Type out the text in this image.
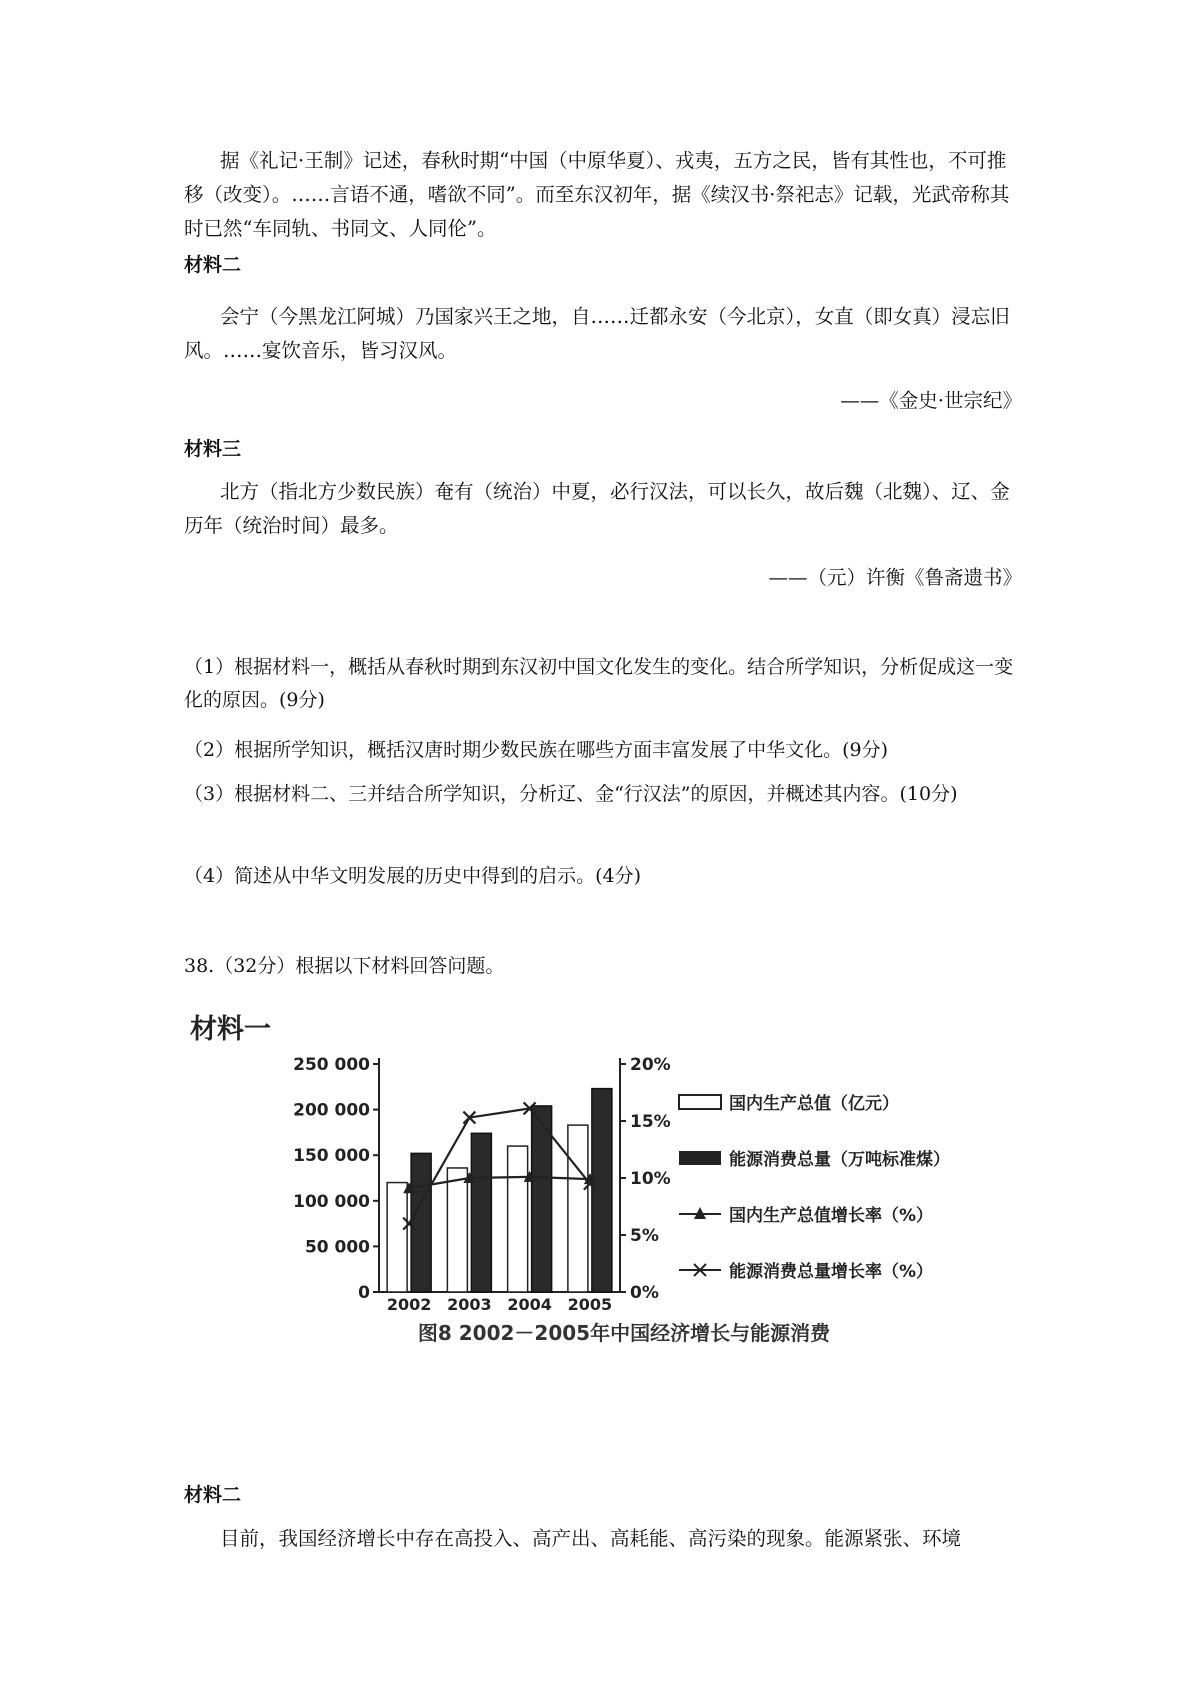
据《礼记·王制》记述，春秋时期“中国（中原华夏）、戎夷，五方之民，皆有其性也，不可推移（改变）。……言语不通，嗜欲不同”。而至东汉初年，据《续汉书·祭祀志》记载，光武帝称其时已然“车同轨、书同文、人同伦”。

材料二

会宁（今黑龙江阿城）乃国家兴王之地，自……迁都永安（今北京），女直（即女真）浸忘旧风。……宴饮音乐，皆习汉风。

——《金史·世宗纪》

材料三

北方（指北方少数民族）奄有（统治）中夏，必行汉法，可以长久，故后魏（北魏）、辽、金历年（统治时间）最多。

——（元）许衡《鲁斋遗书》

（1）根据材料一，概括从春秋时期到东汉初中国文化发生的变化。结合所学知识，分析促成这一变化的原因。(9分)

（2）根据所学知识，概括汉唐时期少数民族在哪些方面丰富发展了中华文化。(9分)

（3）根据材料二、三并结合所学知识，分析辽、金“行汉法”的原因，并概述其内容。(10分)

（4）简述从中华文明发展的历史中得到的启示。(4分)

38.（32分）根据以下材料回答问题。

材料一
250 000
200 000
150 000
100 000
50 000
0
20%
15%
10%
5%
0%
2002 2003 2004 2005
国内生产总值（亿元）
能源消费总量（万吨标准煤）
国内生产总值增长率（%）
能源消费总量增长率（%）
图8 2002－2005年中国经济增长与能源消费

材料二

目前，我国经济增长中存在高投入、高产出、高耗能、高污染的现象。能源紧张、环境
